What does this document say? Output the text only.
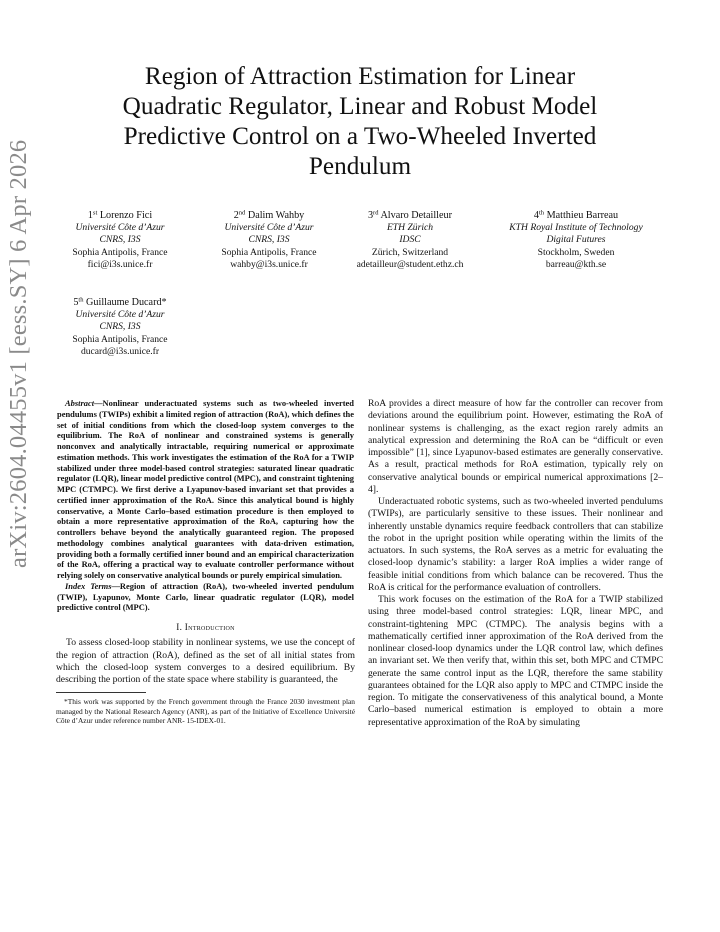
arXiv:2604.04455v1 [eess.SY] 6 Apr 2026
Region of Attraction Estimation for Linear
Quadratic Regulator, Linear and Robust Model
Predictive Control on a Two-Wheeled Inverted
Pendulum
1st Lorenzo Fici
Université Côte d’Azur
CNRS, I3S
Sophia Antipolis, France
fici@i3s.unice.fr
2nd Dalim Wahby
Université Côte d’Azur
CNRS, I3S
Sophia Antipolis, France
wahby@i3s.unice.fr
3rd Alvaro Detailleur
ETH Zürich
IDSC
Zürich, Switzerland
adetailleur@student.ethz.ch
4th Matthieu Barreau
KTH Royal Institute of Technology
Digital Futures
Stockholm, Sweden
barreau@kth.se
5th Guillaume Ducard*
Université Côte d’Azur
CNRS, I3S
Sophia Antipolis, France
ducard@i3s.unice.fr

Abstract—Nonlinear underactuated systems such as two-wheeled inverted pendulums (TWIPs) exhibit a limited region of attraction (RoA), which defines the set of initial conditions from which the closed-loop system converges to the equilibrium. The RoA of nonlinear and constrained systems is generally nonconvex and analytically intractable, requiring numerical or approximate estimation methods. This work investigates the estimation of the RoA for a TWIP stabilized under three model-based control strategies: saturated linear quadratic regulator (LQR), linear model predictive control (MPC), and constraint tightening MPC (CTMPC). We first derive a Lyapunov-based invariant set that provides a certified inner approximation of the RoA. Since this analytical bound is highly conservative, a Monte Carlo–based estimation procedure is then employed to obtain a more representative approximation of the RoA, capturing how the controllers behave beyond the analytically guaranteed region. The proposed methodology combines analytical guarantees with data-driven estimation, providing both a formally certified inner bound and an empirical characterization of the RoA, offering a practical way to evaluate controller performance without relying solely on conservative analytical bounds or purely empirical simulation.

Index Terms—Region of attraction (RoA), two-wheeled inverted pendulum (TWIP), Lyapunov, Monte Carlo, linear quadratic regulator (LQR), model predictive control (MPC).

I. Introduction

To assess closed-loop stability in nonlinear systems, we use the concept of the region of attraction (RoA), defined as the set of all initial states from which the closed-loop system converges to a desired equilibrium. By describing the portion of the state space where stability is guaranteed, the

*This work was supported by the French government through the France 2030 investment plan managed by the National Research Agency (ANR), as part of the Initiative of Excellence Université Côte d’Azur under reference number ANR- 15-IDEX-01.

RoA provides a direct measure of how far the controller can recover from deviations around the equilibrium point. However, estimating the RoA of nonlinear systems is challenging, as the exact region rarely admits an analytical expression and determining the RoA can be “difficult or even impossible” [1], since Lyapunov-based estimates are generally conservative. As a result, practical methods for RoA estimation, typically rely on conservative analytical bounds or empirical numerical approximations [2–4].

Underactuated robotic systems, such as two-wheeled inverted pendulums (TWIPs), are particularly sensitive to these issues. Their nonlinear and inherently unstable dynamics require feedback controllers that can stabilize the robot in the upright position while operating within the limits of the actuators. In such systems, the RoA serves as a metric for evaluating the closed-loop dynamic’s stability: a larger RoA implies a wider range of feasible initial conditions from which balance can be recovered. Thus the RoA is critical for the performance evaluation of controllers.

This work focuses on the estimation of the RoA for a TWIP stabilized using three model-based control strategies: LQR, linear MPC, and constraint-tightening MPC (CTMPC). The analysis begins with a mathematically certified inner approximation of the RoA derived from the nonlinear closed-loop dynamics under the LQR control law, which defines an invariant set. We then verify that, within this set, both MPC and CTMPC generate the same control input as the LQR, therefore the same stability guarantees obtained for the LQR also apply to MPC and CTMPC inside the region. To mitigate the conservativeness of this analytical bound, a Monte Carlo–based numerical estimation is employed to obtain a more representative approximation of the RoA by simulating
